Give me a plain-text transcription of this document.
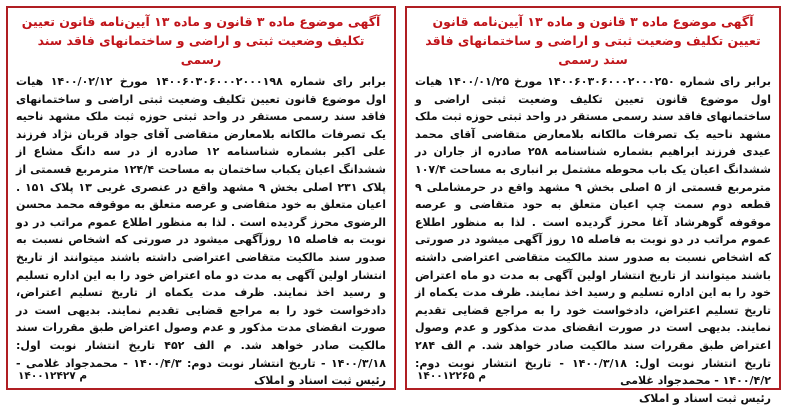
آگهی موضوع ماده ۳ قانون و ماده ۱۳ آیین‌نامه قانون تعیین تکلیف وضعیت ثبتی و اراضی و ساختمانهای فاقد سند رسمی

برابر رای شماره ۱۴۰۰۶۰۳۰۶۰۰۰۲۰۰۰۲۵۰ مورخ ۱۴۰۰/۰۱/۲۵ هیات اول موضوع قانون تعیین تکلیف وضعیت ثبتی اراضی و ساختمانهای فاقد سند رسمی مستقر در واحد ثبتی حوزه ثبت ملک مشهد ناحیه یک تصرفات مالکانه بلامعارض متقاضی آقای محمد عیدی فرزند ابراهیم بشماره شناسنامه ۲۵۸ صادره از جاران در ششدانگ اعیان یک باب محوطه مشتمل بر انباری به مساحت ۱۰۷/۴ مترمربع قسمتی از ۵ اصلی بخش ۹ مشهد واقع در حرمشاملی ۹ قطعه دوم سمت چپ اعیان متعلق به حود متقاضی و عرصه موقوفه گوهرشاد آغا محرز گردیده است . لذا به منظور اطلاع عموم مراتب در دو نوبت به فاصله ۱۵ روز آگهی میشود در صورتی که اشخاص نسبت به صدور سند مالکیت متقاضی اعتراضی داشته باشند میتوانند از تاریخ انتشار اولین آگهی به مدت دو ماه اعتراض خود را به این اداره تسلیم و رسید اخذ نمایند. ظرف مدت یکماه از تاریخ تسلیم اعتراض، دادخواست خود را به مراجع قضایی تقدیم نمایند. بدیهی است در صورت انقضای مدت مذکور و عدم وصول اعتراض طبق مقررات سند مالکیت صادر خواهد شد. م الف ۲۸۴ تاریخ انتشار نوبت اول: ۱۴۰۰/۳/۱۸ - تاریخ انتشار نوبت دوم: ۱۴۰۰/۴/۲ - محمدجواد غلامی

رئیس ثبت اسناد و املاک
۱۴۰۰۱۲۲۶۵ م
آگهی موضوع ماده ۳ قانون و ماده ۱۳ آیین‌نامه قانون تعیین تکلیف وضعیت ثبتی و اراضی و ساختمانهای فاقد سند رسمی

برابر رای شماره ۱۴۰۰۶۰۳۰۶۰۰۰۲۰۰۰۱۹۸ مورخ ۱۴۰۰/۰۲/۱۲ هیات اول موضوع قانون تعیین تکلیف وضعیت ثبتی اراضی و ساختمانهای فاقد سند رسمی مستقر در واحد ثبتی حوزه ثبت ملک مشهد ناحیه یک تصرفات مالکانه بلامعارض متقاضی آقای جواد قربان نژاد فرزند علی اکبر بشماره شناسنامه ۱۲ صادره از در سه دانگ مشاع از ششدانگ اعیان یکباب ساختمان به مساحت ۱۲۴/۴ مترمربع قسمتی از پلاک ۲۳۱ اصلی بخش ۹ مشهد واقع در عنصری غربی ۱۳ پلاک ۱۵۱ . اعیان متعلق به خود متقاضی و عرصه متعلق به موقوفه محمد محسن الرضوی محرز گردیده است . لذا به منظور اطلاع عموم مراتب در دو نوبت به فاصله ۱۵ روزآگهی میشود در صورتی که اشخاص نسبت به صدور سند مالکیت متقاضی اعتراضی داشته باشند میتوانند از تاریخ انتشار اولین آگهی به مدت دو ماه اعتراض خود را به این اداره تسلیم و رسید اخذ نمایند. ظرف مدت یکماه از تاریخ تسلیم اعتراض، دادخواست خود را به مراجع قضایی تقدیم نمایند. بدیهی است در صورت انقضای مدت مذکور و عدم وصول اعتراض طبق مقررات سند مالکیت صادر خواهد شد. م الف ۴۵۲ تاریخ انتشار نوبت اول: ۱۴۰۰/۳/۱۸ - تاریخ انتشار نوبت دوم: ۱۴۰۰/۴/۳ - محمدجواد غلامی - رئیس ثبت اسناد و املاک

۱۴۰۰۱۲۴۲۷ م
